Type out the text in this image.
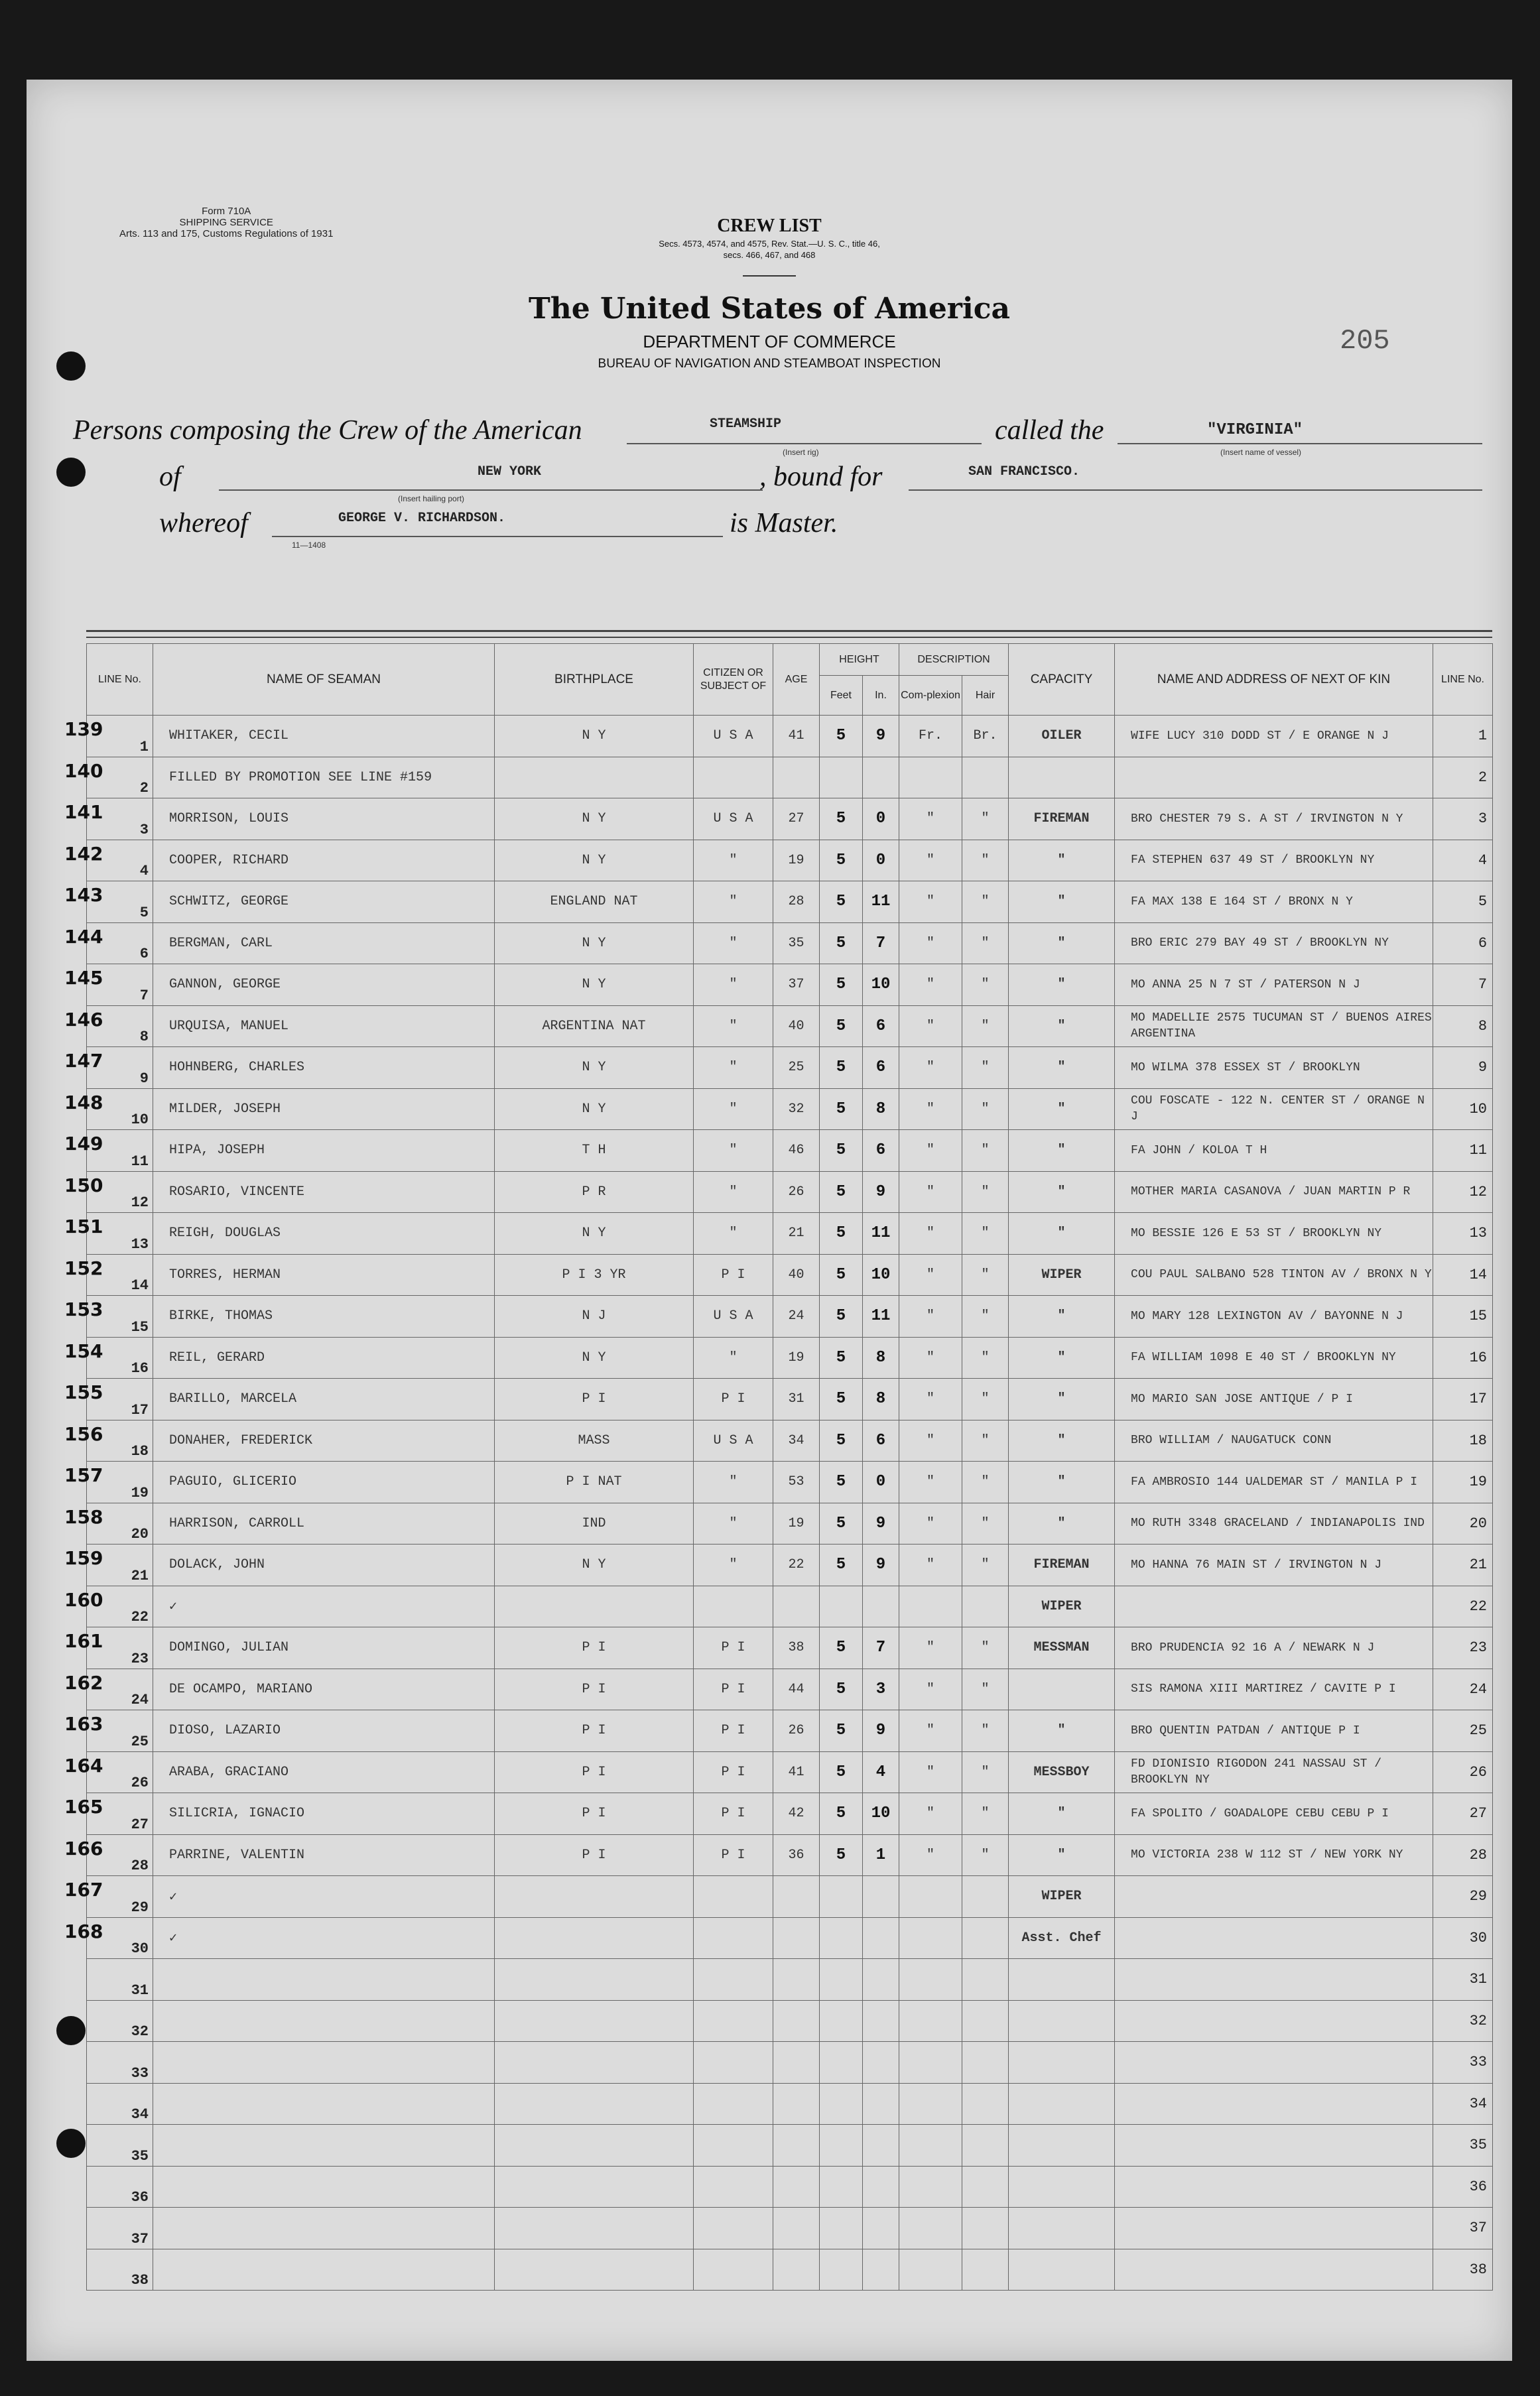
Form 710A
SHIPPING SERVICE
Arts. 113 and 175, Customs Regulations of 1931	CREW LIST
Secs. 4573, 4574, and 4575, Rev. Stat.—U. S. C., title 46,
secs. 466, 467, and 468
The United States of America
DEPARTMENT OF COMMERCE
BUREAU OF NAVIGATION AND STEAMBOAT INSPECTION
205
Persons composing the Crew of the American	STEAMSHIP
(Insert rig)
called the	"VIRGINIA"
(Insert name of vessel)
of	NEW YORK
(Insert hailing port)
, bound for	SAN FRANCISCO.
whereof	GEORGE V. RICHARDSON.
11—1408
is Master.
LINE No.	NAME OF SEAMAN	BIRTHPLACE	CITIZEN OR SUBJECT OF	AGE	HEIGHT		DESCRIPTION		CAPACITY	NAME AND ADDRESS OF NEXT OF KIN	LINE No.
					Feet	In.	Com-plexion	Hair			

139
1	WHITAKER, CECIL	N Y	U S A	41	5	9	Fr.	Br.	OILER	WIFE LUCY 310 DODD ST / E ORANGE N J	1

140
2	FILLED BY PROMOTION SEE LINE #159										2

141
3	MORRISON, LOUIS	N Y	U S A	27	5	0	"	"	FIREMAN	BRO CHESTER 79 S. A ST / IRVINGTON N Y	3

142
4	COOPER, RICHARD	N Y	"	19	5	0	"	"	"	FA STEPHEN 637 49 ST / BROOKLYN NY	4

143
5	SCHWITZ, GEORGE	ENGLAND NAT	"	28	5	11	"	"	"	FA MAX 138 E 164 ST / BRONX N Y	5

144
6	BERGMAN, CARL	N Y	"	35	5	7	"	"	"	BRO ERIC 279 BAY 49 ST / BROOKLYN NY	6

145
7	GANNON, GEORGE	N Y	"	37	5	10	"	"	"	MO ANNA 25 N 7 ST / PATERSON N J	7

146
8	URQUISA, MANUEL	ARGENTINA NAT	"	40	5	6	"	"	"	MO MADELLIE 2575 TUCUMAN ST / BUENOS AIRES ARGENTINA	8

147
9	HOHNBERG, CHARLES	N Y	"	25	5	6	"	"	"	MO WILMA 378 ESSEX ST / BROOKLYN	9

148
10	MILDER, JOSEPH	N Y	"	32	5	8	"	"	"	COU FOSCATE - 122 N. CENTER ST / ORANGE N J	10

149
11	HIPA, JOSEPH	T H	"	46	5	6	"	"	"	FA JOHN / KOLOA T H	11

150
12	ROSARIO, VINCENTE	P R	"	26	5	9	"	"	"	MOTHER MARIA CASANOVA / JUAN MARTIN P R	12

151
13	REIGH, DOUGLAS	N Y	"	21	5	11	"	"	"	MO BESSIE 126 E 53 ST / BROOKLYN NY	13

152
14	TORRES, HERMAN	P I 3 YR	P I	40	5	10	"	"	WIPER	COU PAUL SALBANO 528 TINTON AV / BRONX N Y	14

153
15	BIRKE, THOMAS	N J	U S A	24	5	11	"	"	"	MO MARY 128 LEXINGTON AV / BAYONNE N J	15

154
16	REIL, GERARD	N Y	"	19	5	8	"	"	"	FA WILLIAM 1098 E 40 ST / BROOKLYN NY	16

155
17	BARILLO, MARCELA	P I	P I	31	5	8	"	"	"	MO MARIO SAN JOSE ANTIQUE / P I	17

156
18	DONAHER, FREDERICK	MASS	U S A	34	5	6	"	"	"	BRO WILLIAM / NAUGATUCK CONN	18

157
19	PAGUIO, GLICERIO	P I NAT	"	53	5	0	"	"	"	FA AMBROSIO 144 UALDEMAR ST / MANILA P I	19

158
20	HARRISON, CARROLL	IND	"	19	5	9	"	"	"	MO RUTH 3348 GRACELAND / INDIANAPOLIS IND	20

159
21	DOLACK, JOHN	N Y	"	22	5	9	"	"	FIREMAN	MO HANNA 76 MAIN ST / IRVINGTON N J	21

160
22	✓								WIPER		22

161
23	DOMINGO, JULIAN	P I	P I	38	5	7	"	"	MESSMAN	BRO PRUDENCIA 92 16 A / NEWARK N J	23

162
24	DE OCAMPO, MARIANO	P I	P I	44	5	3	"	"		SIS RAMONA XIII MARTIREZ / CAVITE P I	24

163
25	DIOSO, LAZARIO	P I	P I	26	5	9	"	"	"	BRO QUENTIN PATDAN / ANTIQUE P I	25

164
26	ARABA, GRACIANO	P I	P I	41	5	4	"	"	MESSBOY	FD DIONISIO RIGODON 241 NASSAU ST / BROOKLYN NY	26

165
27	SILICRIA, IGNACIO	P I	P I	42	5	10	"	"	"	FA SPOLITO / GOADALOPE CEBU CEBU P I	27

166
28	PARRINE, VALENTIN	P I	P I	36	5	1	"	"	"	MO VICTORIA 238 W 112 ST / NEW YORK NY	28

167
29	✓								WIPER		29

168
30	✓								Asst. Chef		30

31											31

32											32

33											33

34											34

35											35

36											36

37											37

38											38
